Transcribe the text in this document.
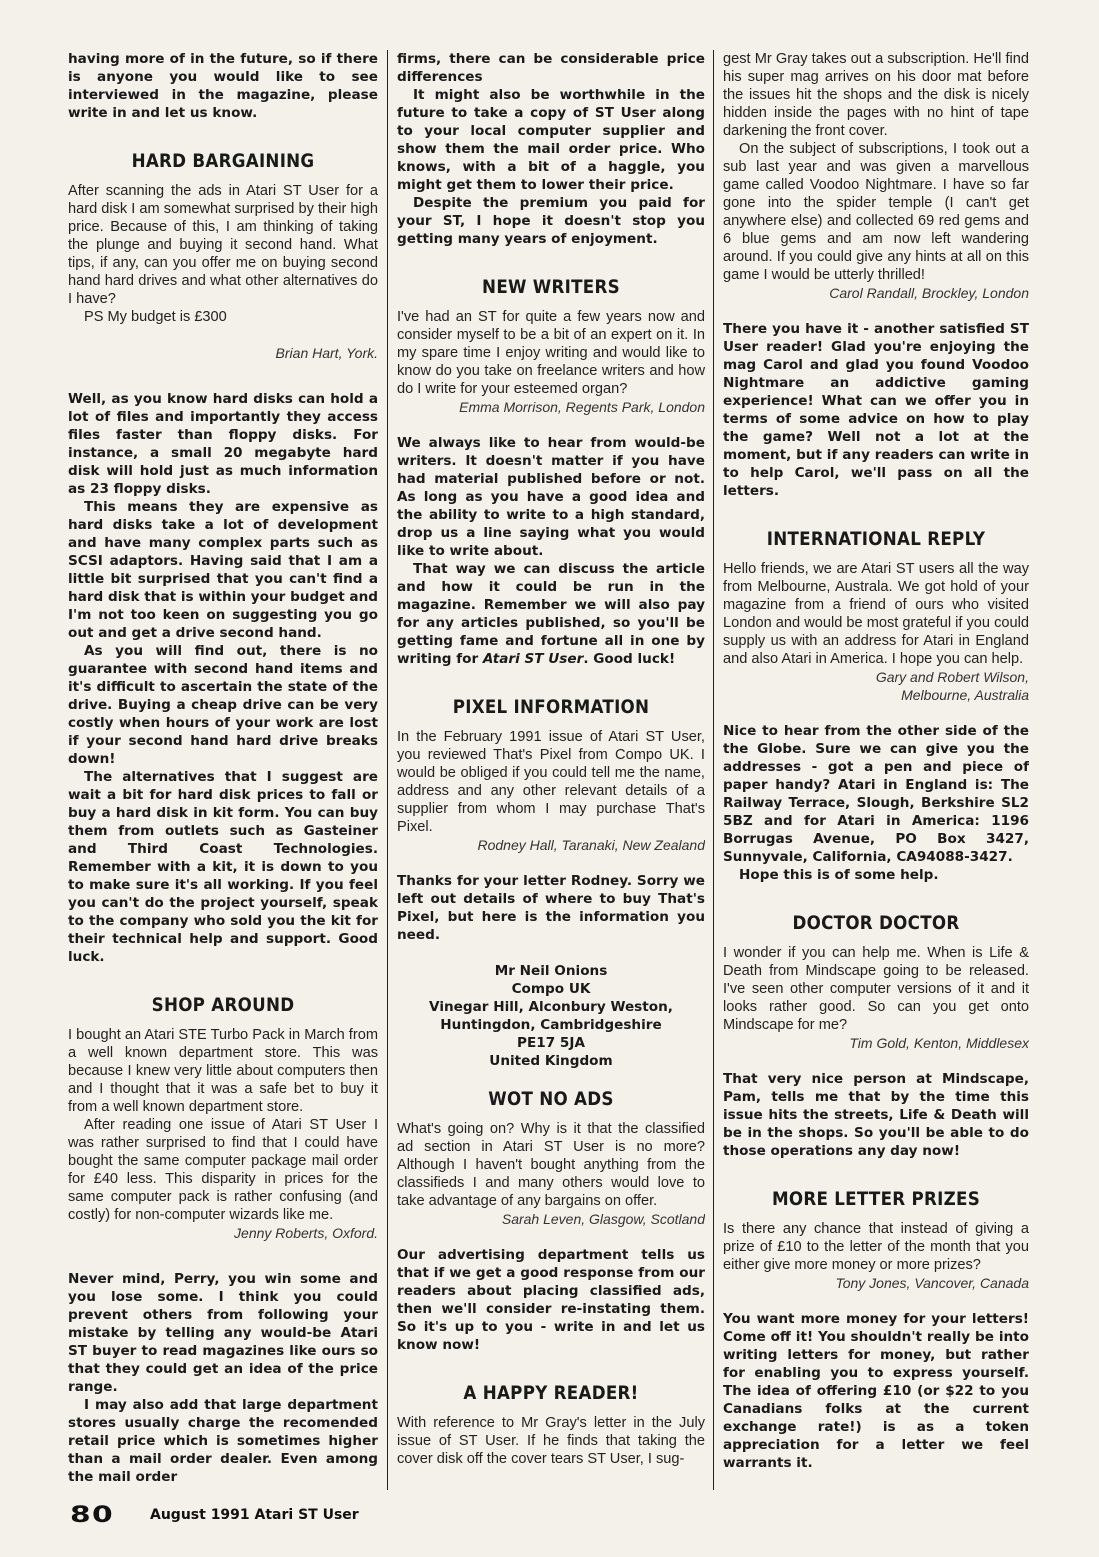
having more of in the future, so if there is anyone you would like to see interviewed in the magazine, please write in and let us know.

HARD BARGAINING

After scanning the ads in Atari ST User for a hard disk I am somewhat surprised by their high price. Because of this, I am thinking of taking the plunge and buying it second hand. What tips, if any, can you offer me on buying second hand hard drives and what other alternatives do I have?

PS My budget is £300

Brian Hart, York.

Well, as you know hard disks can hold a lot of files and importantly they access files faster than floppy disks. For instance, a small 20 megabyte hard disk will hold just as much information as 23 floppy disks.

This means they are expensive as hard disks take a lot of development and have many complex parts such as SCSI adaptors. Having said that I am a little bit surprised that you can't find a hard disk that is within your budget and I'm not too keen on suggesting you go out and get a drive second hand.

As you will find out, there is no guarantee with second hand items and it's difficult to ascertain the state of the drive. Buying a cheap drive can be very costly when hours of your work are lost if your second hand hard drive breaks down!

The alternatives that I suggest are wait a bit for hard disk prices to fall or buy a hard disk in kit form. You can buy them from outlets such as Gasteiner and Third Coast Technologies. Remember with a kit, it is down to you to make sure it's all working. If you feel you can't do the project yourself, speak to the company who sold you the kit for their technical help and support. Good luck.

SHOP AROUND

I bought an Atari STE Turbo Pack in March from a well known department store. This was because I knew very little about computers then and I thought that it was a safe bet to buy it from a well known department store.

After reading one issue of Atari ST User I was rather surprised to find that I could have bought the same computer package mail order for £40 less. This disparity in prices for the same computer pack is rather confusing (and costly) for non-computer wizards like me.

Jenny Roberts, Oxford.

Never mind, Perry, you win some and you lose some. I think you could prevent others from following your mistake by telling any would-be Atari ST buyer to read magazines like ours so that they could get an idea of the price range.

I may also add that large department stores usually charge the recomended retail price which is sometimes higher than a mail order dealer. Even among the mail order

firms, there can be considerable price differences

It might also be worthwhile in the future to take a copy of ST User along to your local computer supplier and show them the mail order price. Who knows, with a bit of a haggle, you might get them to lower their price.

Despite the premium you paid for your ST, I hope it doesn't stop you getting many years of enjoyment.

NEW WRITERS

I've had an ST for quite a few years now and consider myself to be a bit of an expert on it. In my spare time I enjoy writing and would like to know do you take on freelance writers and how do I write for your esteemed organ?

Emma Morrison, Regents Park, London

We always like to hear from would-be writers. It doesn't matter if you have had material published before or not. As long as you have a good idea and the ability to write to a high standard, drop us a line saying what you would like to write about.

That way we can discuss the article and how it could be run in the magazine. Remember we will also pay for any articles published, so you'll be getting fame and fortune all in one by writing for Atari ST User. Good luck!

PIXEL INFORMATION

In the February 1991 issue of Atari ST User, you reviewed That's Pixel from Compo UK. I would be obliged if you could tell me the name, address and any other relevant details of a supplier from whom I may purchase That's Pixel.

Rodney Hall, Taranaki, New Zealand

Thanks for your letter Rodney. Sorry we left out details of where to buy That's Pixel, but here is the information you need.

Mr Neil Onions

Compo UK

Vinegar Hill, Alconbury Weston,

Huntingdon, Cambridgeshire

PE17 5JA

United Kingdom

WOT NO ADS

What's going on? Why is it that the classified ad section in Atari ST User is no more? Although I haven't bought anything from the classifieds I and many others would love to take advantage of any bargains on offer.

Sarah Leven, Glasgow, Scotland

Our advertising department tells us that if we get a good response from our readers about placing classified ads, then we'll consider re-instating them. So it's up to you - write in and let us know now!

A HAPPY READER!

With reference to Mr Gray's letter in the July issue of ST User. If he finds that taking the cover disk off the cover tears ST User, I sug-

gest Mr Gray takes out a subscription. He'll find his super mag arrives on his door mat before the issues hit the shops and the disk is nicely hidden inside the pages with no hint of tape darkening the front cover.

On the subject of subscriptions, I took out a sub last year and was given a marvellous game called Voodoo Nightmare. I have so far gone into the spider temple (I can't get anywhere else) and collected 69 red gems and 6 blue gems and am now left wandering around. If you could give any hints at all on this game I would be utterly thrilled!

Carol Randall, Brockley, London

There you have it - another satisfied ST User reader! Glad you're enjoying the mag Carol and glad you found Voodoo Nightmare an addictive gaming experience! What can we offer you in terms of some advice on how to play the game? Well not a lot at the moment, but if any readers can write in to help Carol, we'll pass on all the letters.

INTERNATIONAL REPLY

Hello friends, we are Atari ST users all the way from Melbourne, Australa. We got hold of your magazine from a friend of ours who visited London and would be most grateful if you could supply us with an address for Atari in England and also Atari in America. I hope you can help.

Gary and Robert Wilson,

Melbourne, Australia

Nice to hear from the other side of the the Globe. Sure we can give you the addresses - got a pen and piece of paper handy? Atari in England is: The Railway Terrace, Slough, Berkshire SL2 5BZ and for Atari in America: 1196 Borrugas Avenue, PO Box 3427, Sunnyvale, California, CA94088-3427.

Hope this is of some help.

DOCTOR DOCTOR

I wonder if you can help me. When is Life & Death from Mindscape going to be released. I've seen other computer versions of it and it looks rather good. So can you get onto Mindscape for me?

Tim Gold, Kenton, Middlesex

That very nice person at Mindscape, Pam, tells me that by the time this issue hits the streets, Life & Death will be in the shops. So you'll be able to do those operations any day now!

MORE LETTER PRIZES

Is there any chance that instead of giving a prize of £10 to the letter of the month that you either give more money or more prizes?

Tony Jones, Vancover, Canada

You want more money for your letters! Come off it! You shouldn't really be into writing letters for money, but rather for enabling you to express yourself. The idea of offering £10 (or $22 to you Canadians folks at the current exchange rate!) is as a token appreciation for a letter we feel warrants it.

80	August 1991 Atari ST User
